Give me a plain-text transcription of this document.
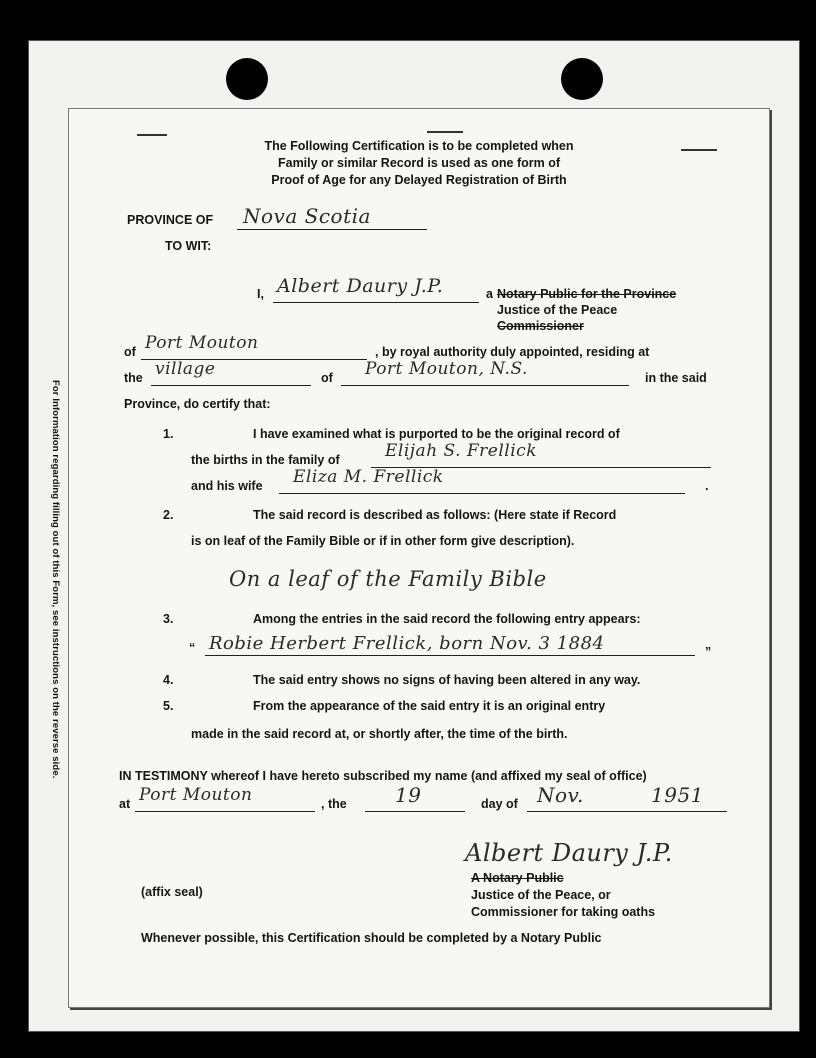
For Information regarding filling out of this Form, see instructions on the reverse side.
The Following Certification is to be completed when
Family or similar Record is used as one form of
Proof of Age for any Delayed Registration of Birth
PROVINCE OF Nova Scotia
TO WIT:
I, Albert Daury J.P.	a Notary Public for the Province
Justice of the Peace
Commissioner
of Port Mouton	, by royal authority duly appointed, residing at
the village	of Port Mouton, N.S.	in the said
Province, do certify that:
1.	I have examined what is purported to be the original record of
the births in the family of	Elijah S. Frellick
and his wife Eliza M. Frellick	.
2.	The said record is described as follows: (Here state if Record
is on leaf of the Family Bible or if in other form give description).
On a leaf of the Family Bible
3.	Among the entries in the said record the following entry appears:
“ Robie Herbert Frellick, born Nov. 3 1884	”
4.	The said entry shows no signs of having been altered in any way.
5.	From the appearance of the said entry it is an original entry
made in the said record at, or shortly after, the time of the birth.
IN TESTIMONY whereof I have hereto subscribed my name (and affixed my seal of office)
at Port Mouton	, the 19	day of Nov.	1951
Albert Daury J.P.
(affix seal)
A Notary Public
Justice of the Peace, or
Commissioner for taking oaths
Whenever possible, this Certification should be completed by a Notary Public
